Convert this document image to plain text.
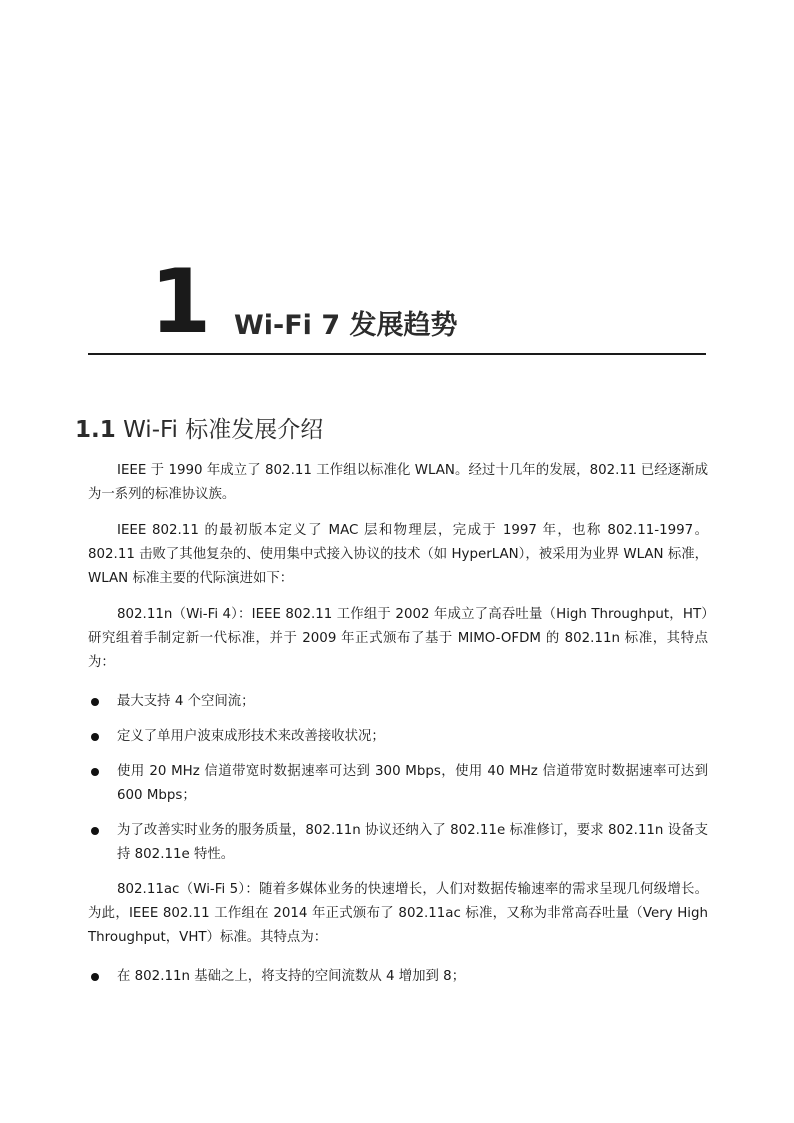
1 Wi-Fi 7 发展趋势
1.1 Wi-Fi 标准发展介绍

IEEE 于 1990 年成立了 802.11 工作组以标准化 WLAN。经过十几年的发展，802.11 已经逐渐成为一系列的标准协议族。

IEEE 802.11 的最初版本定义了 MAC 层和物理层，完成于 1997 年，也称 802.11-1997。802.11 击败了其他复杂的、使用集中式接入协议的技术（如 HyperLAN），被采用为业界 WLAN 标准，WLAN 标准主要的代际演进如下：

802.11n（Wi-Fi 4）：IEEE 802.11 工作组于 2002 年成立了高吞吐量（High Throughput，HT）研究组着手制定新一代标准，并于 2009 年正式颁布了基于 MIMO-OFDM 的 802.11n 标准，其特点为：

最大支持 4 个空间流；
定义了单用户波束成形技术来改善接收状况；
使用 20 MHz 信道带宽时数据速率可达到 300 Mbps，使用 40 MHz 信道带宽时数据速率可达到 600 Mbps；
为了改善实时业务的服务质量，802.11n 协议还纳入了 802.11e 标准修订，要求 802.11n 设备支持 802.11e 特性。

802.11ac（Wi-Fi 5）：随着多媒体业务的快速增长，人们对数据传输速率的需求呈现几何级增长。为此，IEEE 802.11 工作组在 2014 年正式颁布了 802.11ac 标准，又称为非常高吞吐量（Very High Throughput，VHT）标准。其特点为：

在 802.11n 基础之上，将支持的空间流数从 4 增加到 8；
